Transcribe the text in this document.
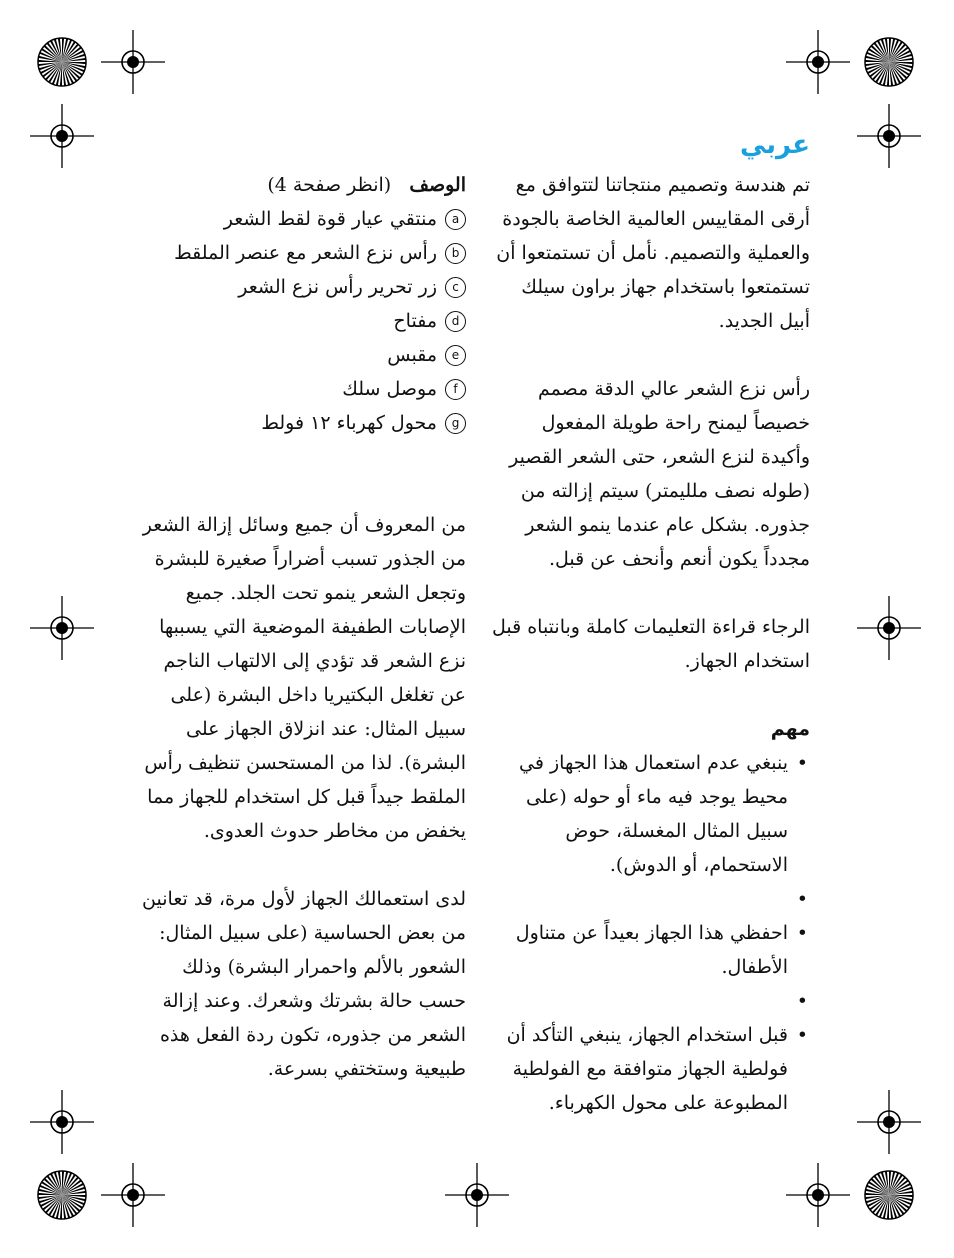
عربي

تم هندسة وتصميم منتجاتنا لتتوافق مع أرقى المقاييس العالمية الخاصة بالجودة والعملية والتصميم. نأمل أن تستمتعوا أن تستمتعوا باستخدام جهاز براون سيلك أبيل الجديد.

رأس نزع الشعر عالي الدقة مصمم خصيصاً ليمنح راحة طويلة المفعول وأكيدة لنزع الشعر، حتى الشعر القصير (طوله نصف ملليمتر) سيتم إزالته من جذوره. بشكل عام عندما ينمو الشعر مجدداً يكون أنعم وأنحف عن قبل.

الرجاء قراءة التعليمات كاملة وبانتباه قبل استخدام الجهاز.

مهم
• ينبغي عدم استعمال هذا الجهاز في محيط يوجد فيه ماء أو حوله (على سبيل المثال المغسلة، حوض الاستحمام، أو الدوش).
•
• احفظي هذا الجهاز بعيداً عن متناول الأطفال.
•
• قبل استخدام الجهاز، ينبغي التأكد أن فولطية الجهاز متوافقة مع الفولطية المطبوعة على محول الكهرباء.
الوصف   (انظر صفحة 4)
a
منتقي عيار قوة لقط الشعر
b
رأس نزع الشعر مع عنصر الملقط
c
زر تحرير رأس نزع الشعر
d
مفتاح
e
مقبس
f
موصل سلك
g
محول كهرباء ١٢ فولط

من المعروف أن جميع وسائل إزالة الشعر من الجذور تسبب أضراراً صغيرة للبشرة وتجعل الشعر ينمو تحت الجلد. جميع الإصابات الطفيفة الموضعية التي يسببها نزع الشعر قد تؤدي إلى الالتهاب الناجم عن تغلغل البكتيريا داخل البشرة (على سبيل المثال: عند انزلاق الجهاز على البشرة). لذا من المستحسن تنظيف رأس الملقط جيداً قبل كل استخدام للجهاز مما يخفض من مخاطر حدوث العدوى.

لدى استعمالك الجهاز لأول مرة، قد تعانين من بعض الحساسية (على سبيل المثال: الشعور بالألم واحمرار البشرة) وذلك حسب حالة بشرتك وشعرك. وعند إزالة الشعر من جذوره، تكون ردة الفعل هذه طبيعية وستختفي بسرعة.
